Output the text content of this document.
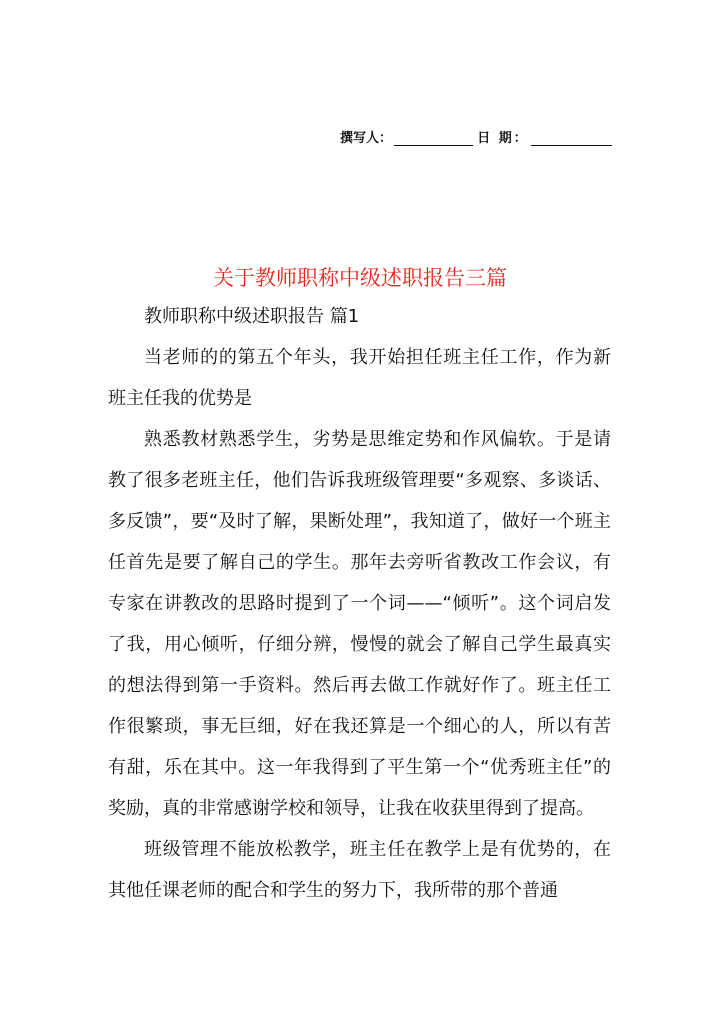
撰写人：	日 期：
关于教师职称中级述职报告三篇

教师职称中级述职报告 篇1

当老师的的第五个年头，我开始担任班主任工作，作为新班主任我的优势是

熟悉教材熟悉学生，劣势是思维定势和作风偏软。于是请教了很多老班主任，他们告诉我班级管理要“多观察、多谈话、多反馈”，要“及时了解，果断处理”，我知道了，做好一个班主任首先是要了解自己的学生。那年去旁听省教改工作会议，有专家在讲教改的思路时提到了一个词——“倾听”。这个词启发了我，用心倾听，仔细分辨，慢慢的就会了解自己学生最真实的想法得到第一手资料。然后再去做工作就好作了。班主任工作很繁琐，事无巨细，好在我还算是一个细心的人，所以有苦有甜，乐在其中。这一年我得到了平生第一个“优秀班主任”的奖励，真的非常感谢学校和领导，让我在收获里得到了提高。

班级管理不能放松教学，班主任在教学上是有优势的，在其他任课老师的配合和学生的努力下，我所带的那个普通
